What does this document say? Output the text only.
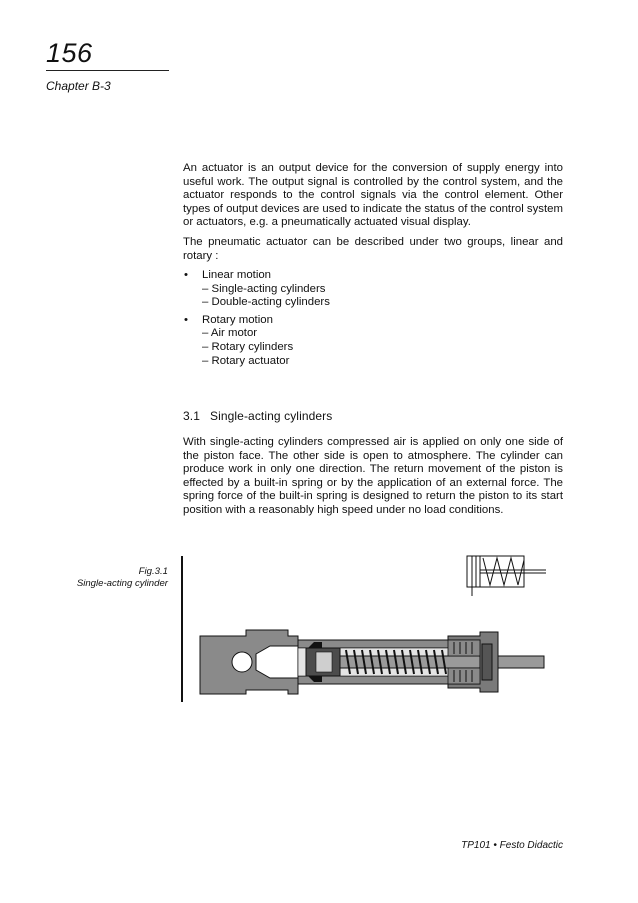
156
Chapter B-3
An actuator is an output device for the conversion of supply energy into useful work. The output signal is controlled by the control system, and the actuator responds to the control signals via the control element. Other types of output devices are used to indicate the status of the control system or actuators, e.g. a pneumatically actuated visual display.
The pneumatic actuator can be described under two groups, linear and rotary :
• Linear motion
– Single-acting cylinders
– Double-acting cylinders
• Rotary motion
– Air motor
– Rotary cylinders
– Rotary actuator
3.1 Single-acting cylinders
With single-acting cylinders compressed air is applied on only one side of the piston face. The other side is open to atmosphere. The cylinder can produce work in only one direction. The return movement of the piston is effected by a built-in spring or by the application of an external force. The spring force of the built-in spring is designed to return the piston to its start position with a reasonably high speed under no load conditions.
Fig.3.1
Single-acting cylinder
TP101 • Festo Didactic
